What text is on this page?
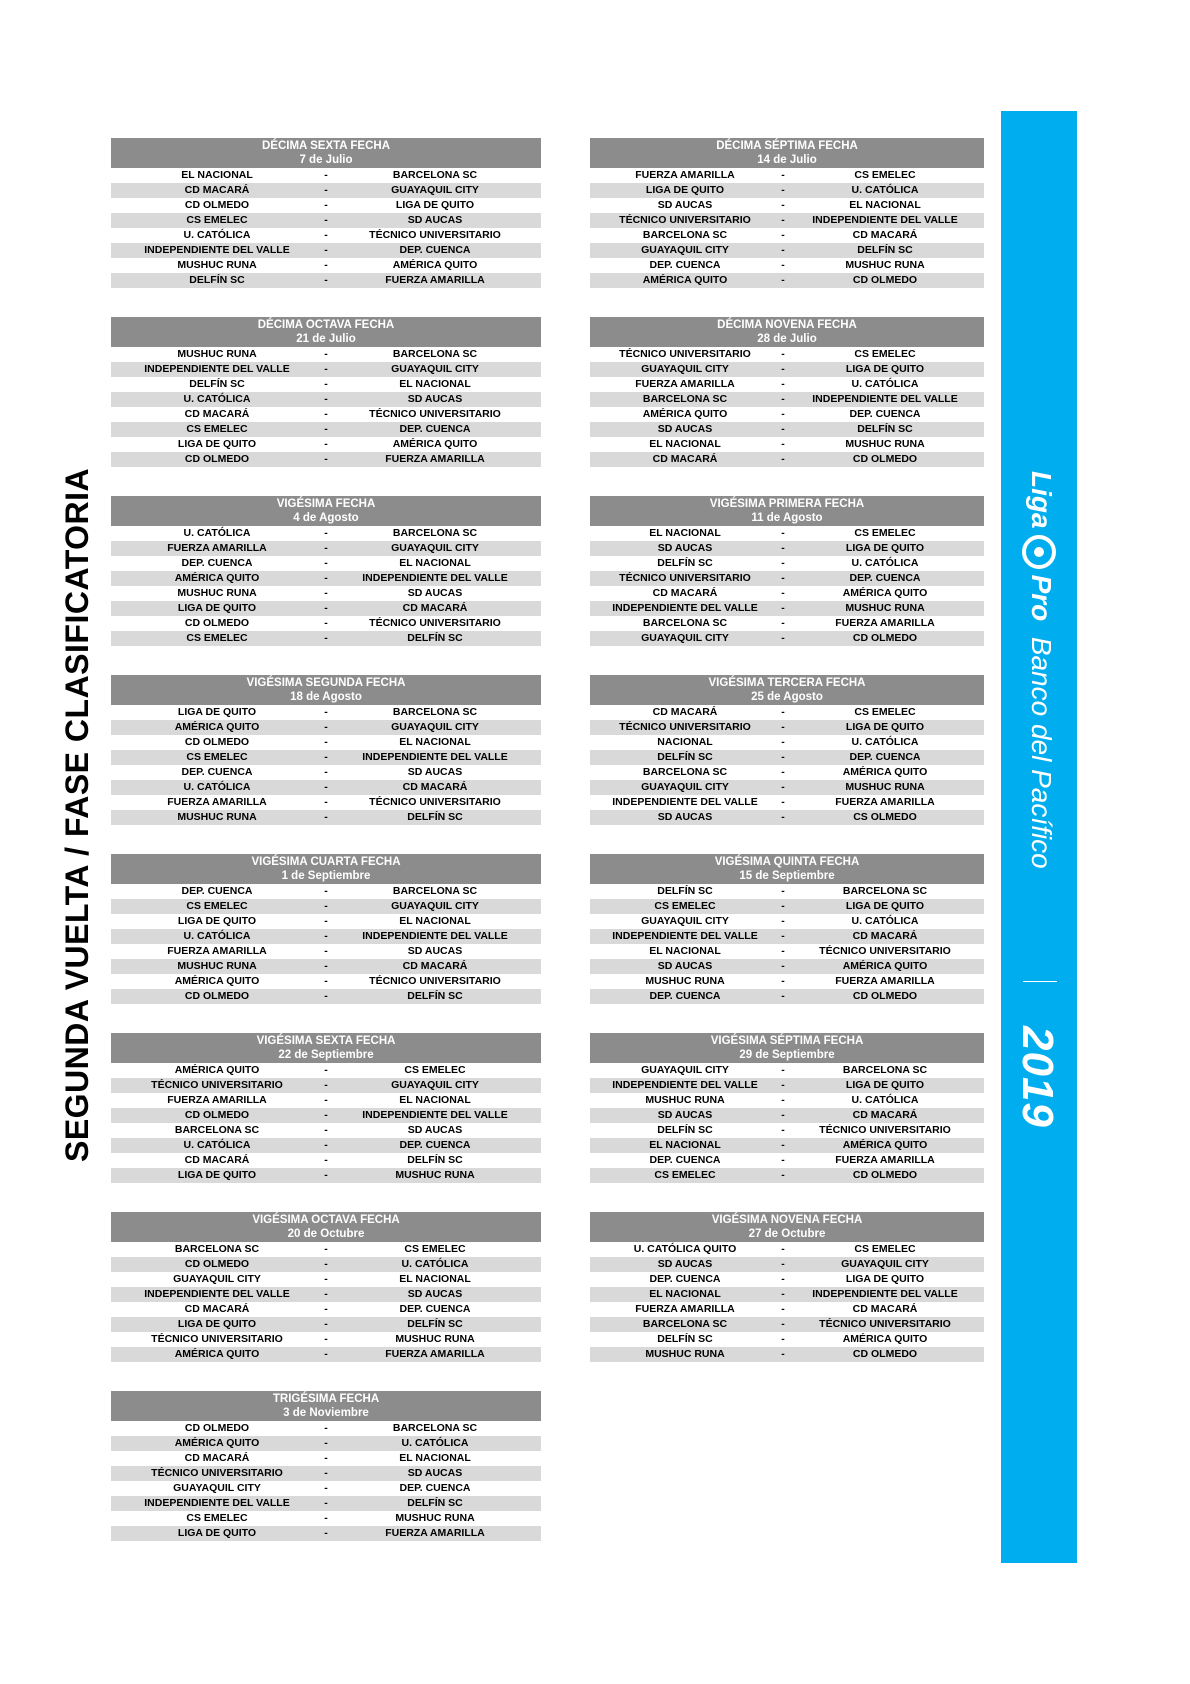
SEGUNDA VUELTA / FASE CLASIFICATORIA	LigaPro  Banco del Pacífico
2019
DÉCIMA SEXTA FECHA
7 de Julio
EL NACIONAL	-	BARCELONA SC
CD MACARÁ	-	GUAYAQUIL CITY
CD OLMEDO	-	LIGA DE QUITO
CS EMELEC	-	SD AUCAS
U. CATÓLICA	-	TÉCNICO UNIVERSITARIO
INDEPENDIENTE DEL VALLE	-	DEP. CUENCA
MUSHUC RUNA	-	AMÉRICA QUITO
DELFÍN SC	-	FUERZA AMARILLA
DÉCIMA SÉPTIMA FECHA
14 de Julio
FUERZA AMARILLA	-	CS EMELEC
LIGA DE QUITO	-	U. CATÓLICA
SD AUCAS	-	EL NACIONAL
TÉCNICO UNIVERSITARIO	-	INDEPENDIENTE DEL VALLE
BARCELONA SC	-	CD MACARÁ
GUAYAQUIL CITY	-	DELFÍN SC
DEP. CUENCA	-	MUSHUC RUNA
AMÉRICA QUITO	-	CD OLMEDO
DÉCIMA OCTAVA FECHA
21 de Julio
MUSHUC RUNA	-	BARCELONA SC
INDEPENDIENTE DEL VALLE	-	GUAYAQUIL CITY
DELFÍN SC	-	EL NACIONAL
U. CATÓLICA	-	SD AUCAS
CD MACARÁ	-	TÉCNICO UNIVERSITARIO
CS EMELEC	-	DEP. CUENCA
LIGA DE QUITO	-	AMÉRICA QUITO
CD OLMEDO	-	FUERZA AMARILLA
DÉCIMA NOVENA FECHA
28 de Julio
TÉCNICO UNIVERSITARIO	-	CS EMELEC
GUAYAQUIL CITY	-	LIGA DE QUITO
FUERZA AMARILLA	-	U. CATÓLICA
BARCELONA SC	-	INDEPENDIENTE DEL VALLE
AMÉRICA QUITO	-	DEP. CUENCA
SD AUCAS	-	DELFÍN SC
EL NACIONAL	-	MUSHUC RUNA
CD MACARÁ	-	CD OLMEDO
VIGÉSIMA FECHA
4 de Agosto
U. CATÓLICA	-	BARCELONA SC
FUERZA AMARILLA	-	GUAYAQUIL CITY
DEP. CUENCA	-	EL NACIONAL
AMÉRICA QUITO	-	INDEPENDIENTE DEL VALLE
MUSHUC RUNA	-	SD AUCAS
LIGA DE QUITO	-	CD MACARÁ
CD OLMEDO	-	TÉCNICO UNIVERSITARIO
CS EMELEC	-	DELFÍN SC
VIGÉSIMA PRIMERA FECHA
11 de Agosto
EL NACIONAL	-	CS EMELEC
SD AUCAS	-	LIGA DE QUITO
DELFÍN SC	-	U. CATÓLICA
TÉCNICO UNIVERSITARIO	-	DEP. CUENCA
CD MACARÁ	-	AMÉRICA QUITO
INDEPENDIENTE DEL VALLE	-	MUSHUC RUNA
BARCELONA SC	-	FUERZA AMARILLA
GUAYAQUIL CITY	-	CD OLMEDO
VIGÉSIMA SEGUNDA FECHA
18 de Agosto
LIGA DE QUITO	-	BARCELONA SC
AMÉRICA QUITO	-	GUAYAQUIL CITY
CD OLMEDO	-	EL NACIONAL
CS EMELEC	-	INDEPENDIENTE DEL VALLE
DEP. CUENCA	-	SD AUCAS
U. CATÓLICA	-	CD MACARÁ
FUERZA AMARILLA	-	TÉCNICO UNIVERSITARIO
MUSHUC RUNA	-	DELFÍN SC
VIGÉSIMA TERCERA FECHA
25 de Agosto
CD MACARÁ	-	CS EMELEC
TÉCNICO UNIVERSITARIO	-	LIGA DE QUITO
NACIONAL	-	U. CATÓLICA
DELFÍN SC	-	DEP. CUENCA
BARCELONA SC	-	AMÉRICA QUITO
GUAYAQUIL CITY	-	MUSHUC RUNA
INDEPENDIENTE DEL VALLE	-	FUERZA AMARILLA
SD AUCAS	-	CS OLMEDO
VIGÉSIMA CUARTA FECHA
1 de Septiembre
DEP. CUENCA	-	BARCELONA SC
CS EMELEC	-	GUAYAQUIL CITY
LIGA DE QUITO	-	EL NACIONAL
U. CATÓLICA	-	INDEPENDIENTE DEL VALLE
FUERZA AMARILLA	-	SD AUCAS
MUSHUC RUNA	-	CD MACARÁ
AMÉRICA QUITO	-	TÉCNICO UNIVERSITARIO
CD OLMEDO	-	DELFÍN SC
VIGÉSIMA QUINTA FECHA
15 de Septiembre
DELFÍN SC	-	BARCELONA SC
CS EMELEC	-	LIGA DE QUITO
GUAYAQUIL CITY	-	U. CATÓLICA
INDEPENDIENTE DEL VALLE	-	CD MACARÁ
EL NACIONAL	-	TÉCNICO UNIVERSITARIO
SD AUCAS	-	AMÉRICA QUITO
MUSHUC RUNA	-	FUERZA AMARILLA
DEP. CUENCA	-	CD OLMEDO
VIGÉSIMA SEXTA FECHA
22 de Septiembre
AMÉRICA QUITO	-	CS EMELEC
TÉCNICO UNIVERSITARIO	-	GUAYAQUIL CITY
FUERZA AMARILLA	-	EL NACIONAL
CD OLMEDO	-	INDEPENDIENTE DEL VALLE
BARCELONA SC	-	SD AUCAS
U. CATÓLICA	-	DEP. CUENCA
CD MACARÁ	-	DELFÍN SC
LIGA DE QUITO	-	MUSHUC RUNA
VIGÉSIMA SÉPTIMA FECHA
29 de Septiembre
GUAYAQUIL CITY	-	BARCELONA SC
INDEPENDIENTE DEL VALLE	-	LIGA DE QUITO
MUSHUC RUNA	-	U. CATÓLICA
SD AUCAS	-	CD MACARÁ
DELFÍN SC	-	TÉCNICO UNIVERSITARIO
EL NACIONAL	-	AMÉRICA QUITO
DEP. CUENCA	-	FUERZA AMARILLA
CS EMELEC	-	CD OLMEDO
VIGÉSIMA OCTAVA FECHA
20 de Octubre
BARCELONA SC	-	CS EMELEC
CD OLMEDO	-	U. CATÓLICA
GUAYAQUIL CITY	-	EL NACIONAL
INDEPENDIENTE DEL VALLE	-	SD AUCAS
CD MACARÁ	-	DEP. CUENCA
LIGA DE QUITO	-	DELFÍN SC
TÉCNICO UNIVERSITARIO	-	MUSHUC RUNA
AMÉRICA QUITO	-	FUERZA AMARILLA
VIGÉSIMA NOVENA FECHA
27 de Octubre
U. CATÓLICA QUITO	-	CS EMELEC
SD AUCAS	-	GUAYAQUIL CITY
DEP. CUENCA	-	LIGA DE QUITO
EL NACIONAL	-	INDEPENDIENTE DEL VALLE
FUERZA AMARILLA	-	CD MACARÁ
BARCELONA SC	-	TÉCNICO UNIVERSITARIO
DELFÍN SC	-	AMÉRICA QUITO
MUSHUC RUNA	-	CD OLMEDO
TRIGÉSIMA FECHA
3 de Noviembre
CD OLMEDO	-	BARCELONA SC
AMÉRICA QUITO	-	U. CATÓLICA
CD MACARÁ	-	EL NACIONAL
TÉCNICO UNIVERSITARIO	-	SD AUCAS
GUAYAQUIL CITY	-	DEP. CUENCA
INDEPENDIENTE DEL VALLE	-	DELFÍN SC
CS EMELEC	-	MUSHUC RUNA
LIGA DE QUITO	-	FUERZA AMARILLA
